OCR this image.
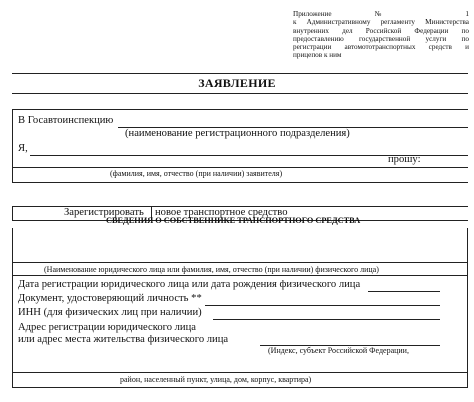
Приложение № 1
к Административному регламенту Министерства
внутренних дел Российской Федерации по
предоставлению государственной услуги по
регистрации автомототранспортных средств и
прицепов к ним
ЗАЯВЛЕНИЕ
В Госавтоинспекцию
(наименование регистрационного подразделения)
Я,
прошу:
(фамилия, имя, отчество (при наличии) заявителя)
Зарегистрировать новое транспортное средство
СВЕДЕНИЯ О СОБСТВЕННИКЕ ТРАНСПОРТНОГО СРЕДСТВА
(Наименование юридического лица или фамилия, имя, отчество (при наличии) физического лица)
Дата регистрации юридического лица или дата рождения физического лица
Документ, удостоверяющий личность **
ИНН (для физических лиц при наличии)
Адрес регистрации юридического лица
или адрес места жительства физического лица
(Индекс, субъект Российской Федерации,
район, населенный пункт, улица, дом, корпус, квартира)
